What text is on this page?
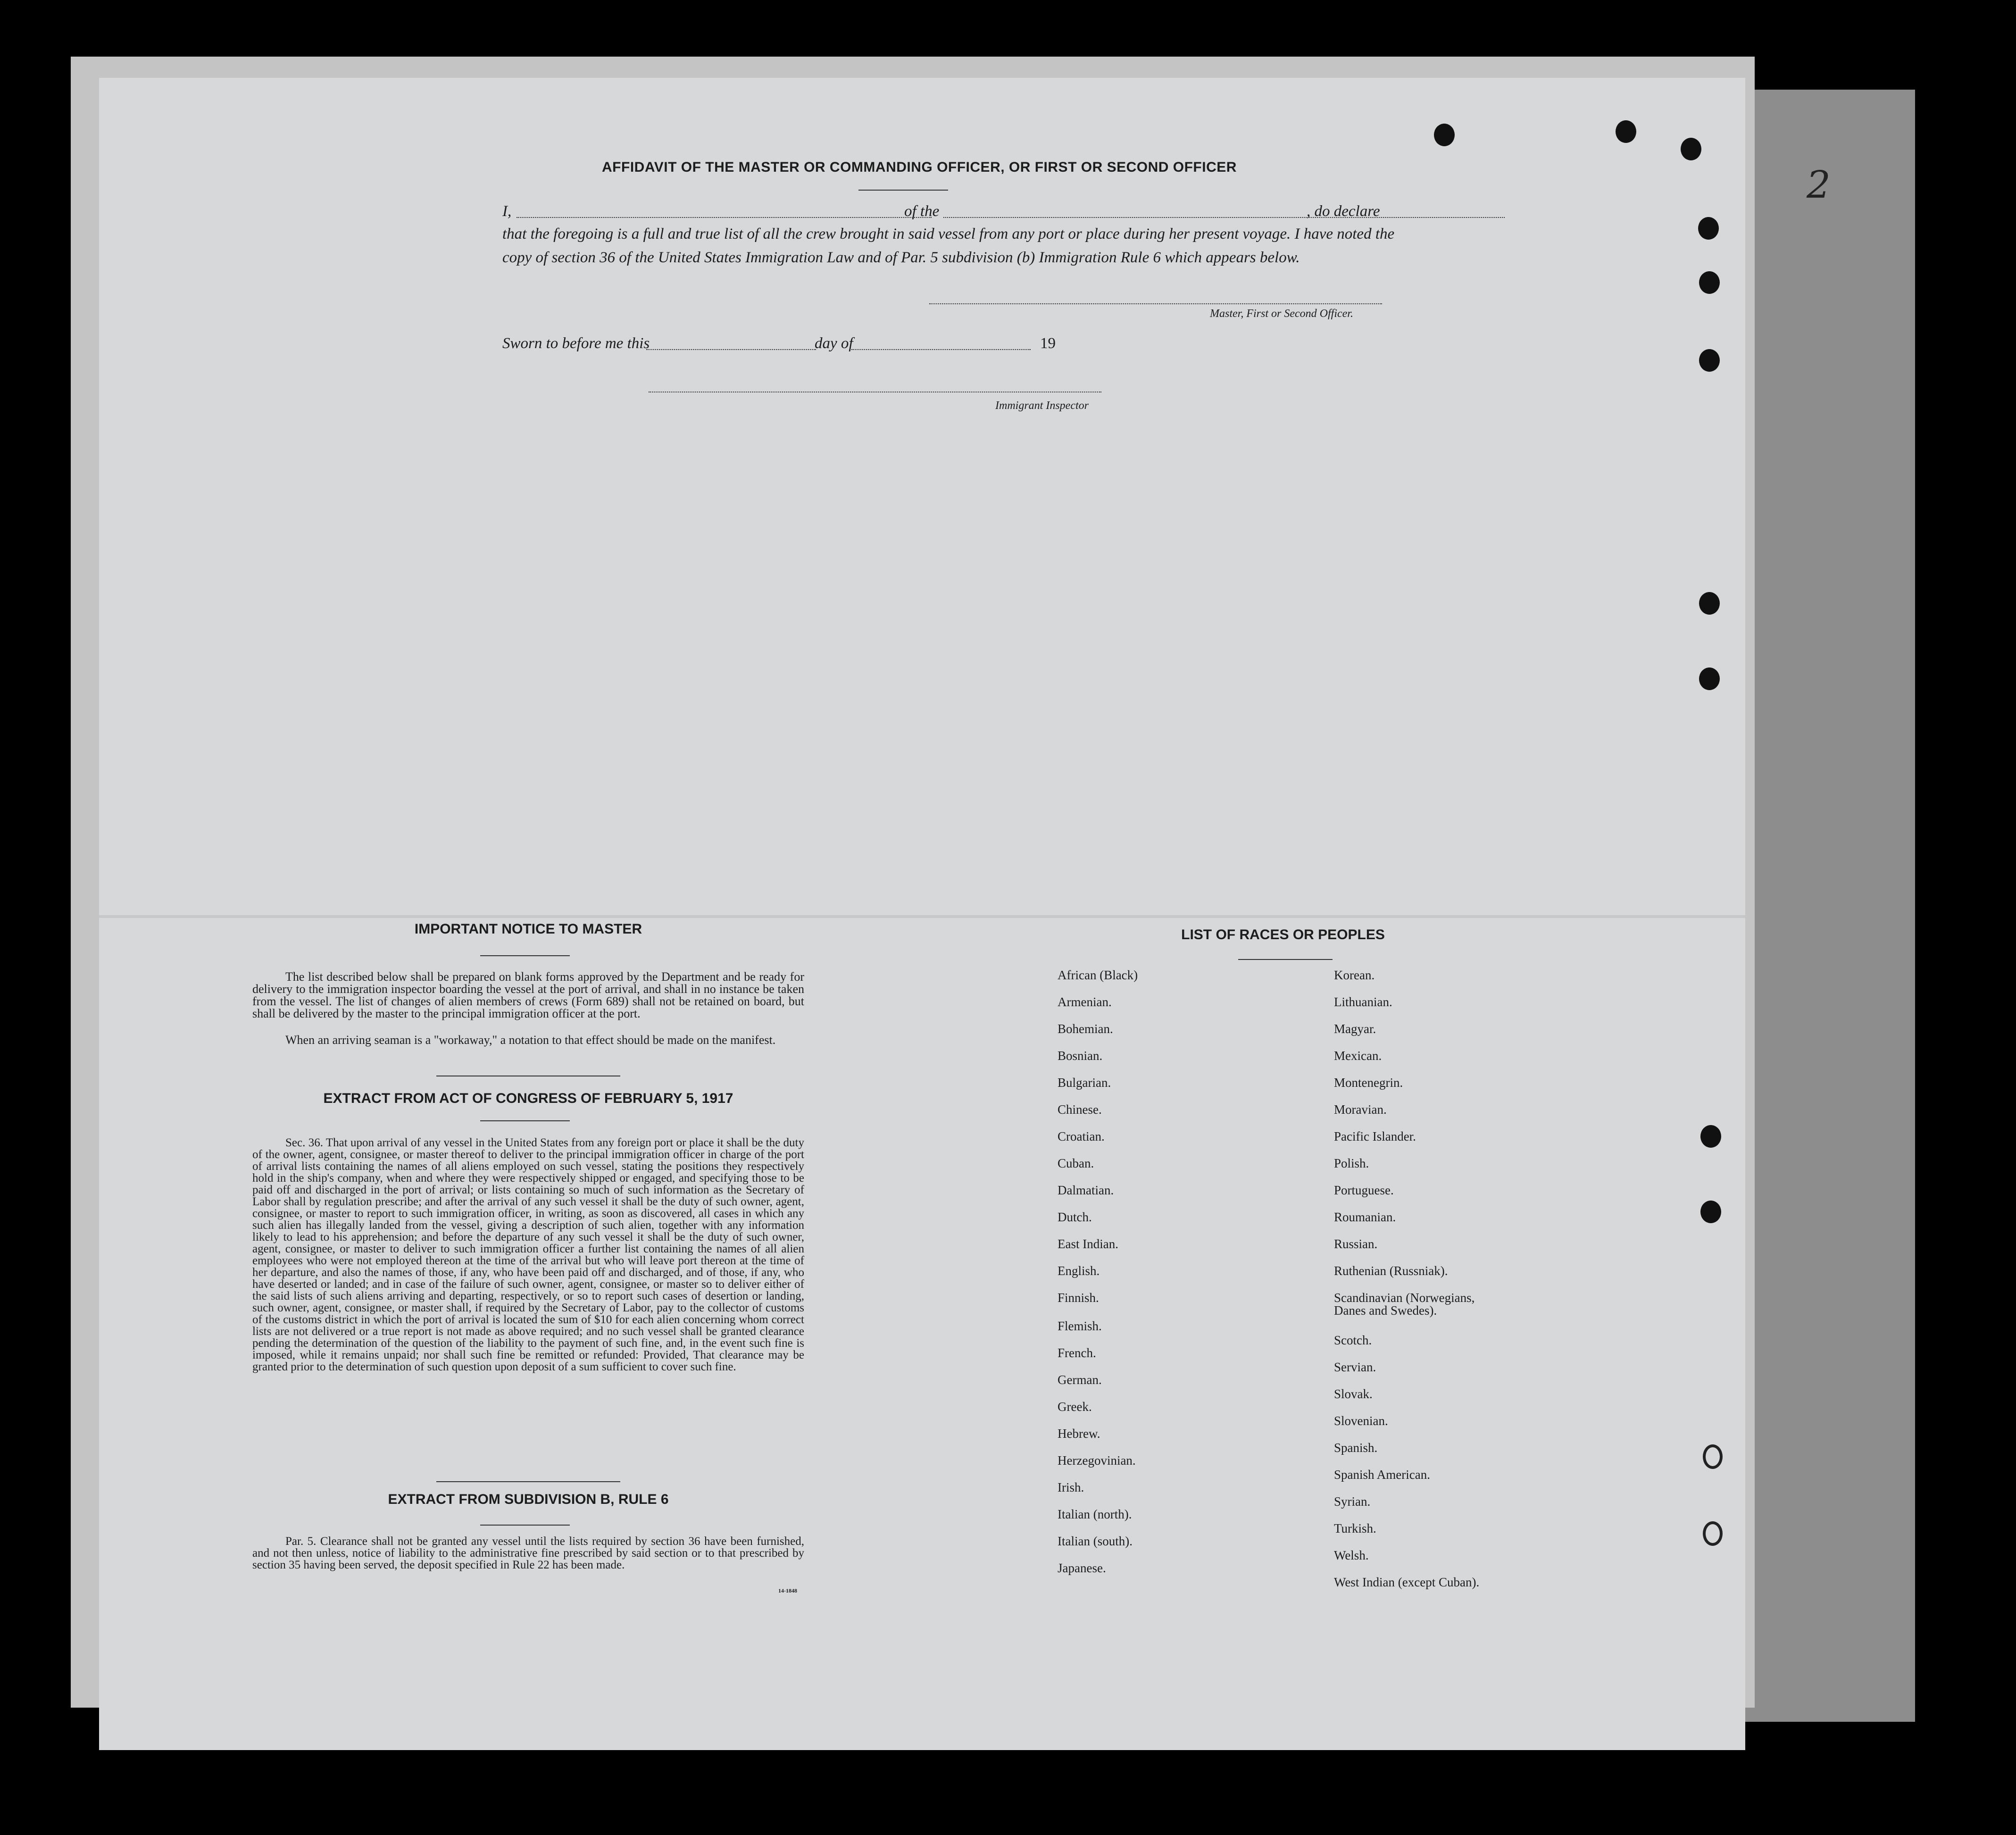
2
AFFIDAVIT OF THE MASTER OR COMMANDING OFFICER, OR FIRST OR SECOND OFFICER
I,	of the	, do declare
that the foregoing is a full and true list of all the crew brought in said vessel from any port or place during her present voyage. I have noted the
copy of section 36 of the United States Immigration Law and of Par. 5 subdivision (b) Immigration Rule 6 which appears below.
Master, First or Second Officer.
Sworn to before me this	day of	19
Immigrant Inspector
IMPORTANT NOTICE TO MASTER
The list described below shall be prepared on blank forms approved by the Department and be ready for delivery to the immigration inspector boarding the vessel at the port of arrival, and shall in no instance be taken from the vessel. The list of changes of alien members of crews (Form 689) shall not be retained on board, but shall be delivered by the master to the principal immigration officer at the port.
When an arriving seaman is a "workaway," a notation to that effect should be made on the manifest.
EXTRACT FROM ACT OF CONGRESS OF FEBRUARY 5, 1917
Sec. 36. That upon arrival of any vessel in the United States from any foreign port or place it shall be the duty of the owner, agent, consignee, or master thereof to deliver to the principal immigration officer in charge of the port of arrival lists containing the names of all aliens employed on such vessel, stating the positions they respectively hold in the ship's company, when and where they were respectively shipped or engaged, and specifying those to be paid off and discharged in the port of arrival; or lists containing so much of such information as the Secretary of Labor shall by regulation prescribe; and after the arrival of any such vessel it shall be the duty of such owner, agent, consignee, or master to report to such immigration officer, in writing, as soon as discovered, all cases in which any such alien has illegally landed from the vessel, giving a description of such alien, together with any information likely to lead to his apprehension; and before the departure of any such vessel it shall be the duty of such owner, agent, consignee, or master to deliver to such immigration officer a further list containing the names of all alien employees who were not employed thereon at the time of the arrival but who will leave port thereon at the time of her departure, and also the names of those, if any, who have been paid off and discharged, and of those, if any, who have deserted or landed; and in case of the failure of such owner, agent, consignee, or master so to deliver either of the said lists of such aliens arriving and departing, respectively, or so to report such cases of desertion or landing, such owner, agent, consignee, or master shall, if required by the Secretary of Labor, pay to the collector of customs of the customs district in which the port of arrival is located the sum of $10 for each alien concerning whom correct lists are not delivered or a true report is not made as above required; and no such vessel shall be granted clearance pending the determination of the question of the liability to the payment of such fine, and, in the event such fine is imposed, while it remains unpaid; nor shall such fine be remitted or refunded: Provided, That clearance may be granted prior to the determination of such question upon deposit of a sum sufficient to cover such fine.
EXTRACT FROM SUBDIVISION B, RULE 6
Par. 5. Clearance shall not be granted any vessel until the lists required by section 36 have been furnished, and not then unless, notice of liability to the administrative fine prescribed by said section or to that prescribed by section 35 having been served, the deposit specified in Rule 22 has been made.
14-1848
LIST OF RACES OR PEOPLES
African (Black)
Armenian.
Bohemian.
Bosnian.
Bulgarian.
Chinese.
Croatian.
Cuban.
Dalmatian.
Dutch.
East Indian.
English.
Finnish.
Flemish.
French.
German.
Greek.
Hebrew.
Herzegovinian.
Irish.
Italian (north).
Italian (south).
Japanese.
Korean.
Lithuanian.
Magyar.
Mexican.
Montenegrin.
Moravian.
Pacific Islander.
Polish.
Portuguese.
Roumanian.
Russian.
Ruthenian (Russniak).
Scandinavian (Norwegians,
Danes and Swedes).
Scotch.
Servian.
Slovak.
Slovenian.
Spanish.
Spanish American.
Syrian.
Turkish.
Welsh.
West Indian (except Cuban).
